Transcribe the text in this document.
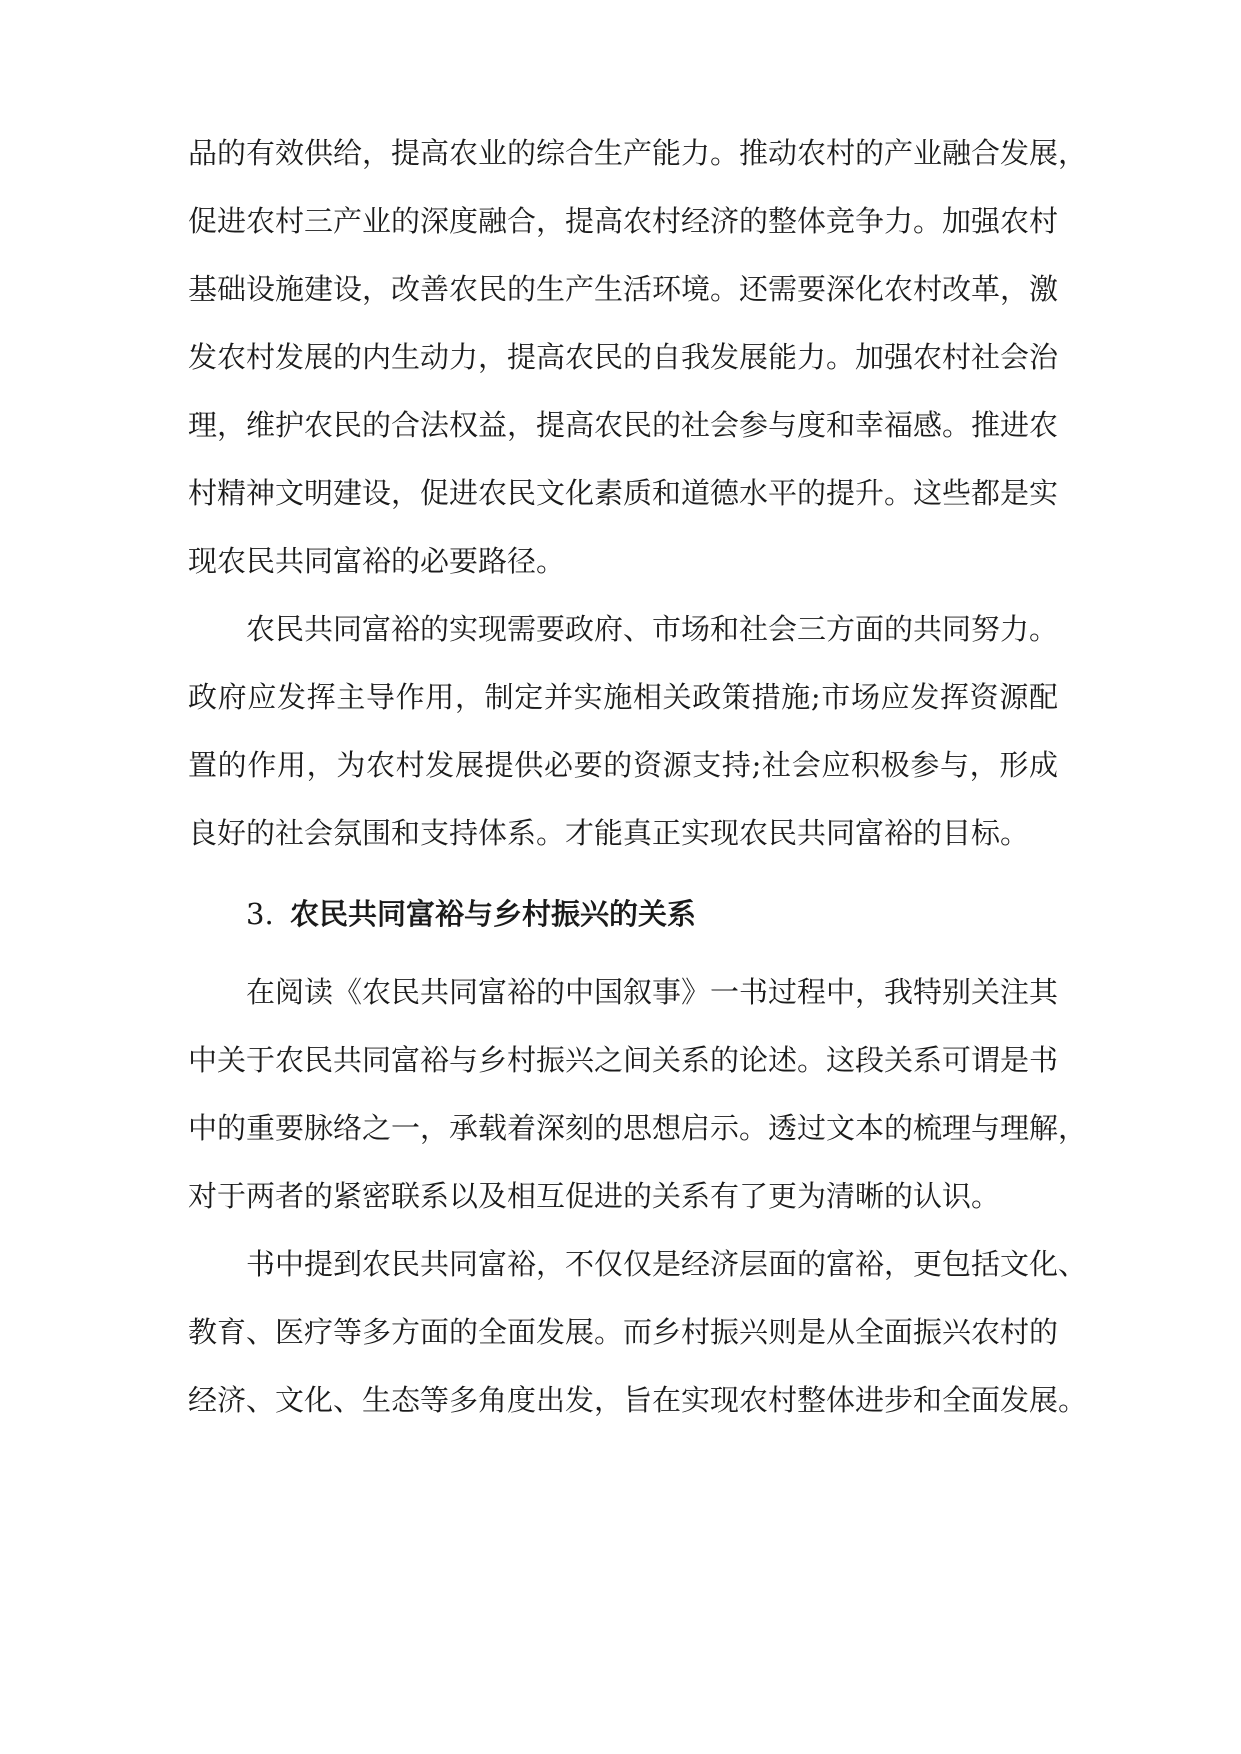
品的有效供给，提高农业的综合生产能力。推动农村的产业融合发展，
促进农村三产业的深度融合，提高农村经济的整体竞争力。加强农村
基础设施建设，改善农民的生产生活环境。还需要深化农村改革，激
发农村发展的内生动力，提高农民的自我发展能力。加强农村社会治
理，维护农民的合法权益，提高农民的社会参与度和幸福感。推进农
村精神文明建设，促进农民文化素质和道德水平的提升。这些都是实
现农民共同富裕的必要路径。
农民共同富裕的实现需要政府、市场和社会三方面的共同努力。
政府应发挥主导作用，制定并实施相关政策措施;市场应发挥资源配
置的作用，为农村发展提供必要的资源支持;社会应积极参与，形成
良好的社会氛围和支持体系。才能真正实现农民共同富裕的目标。
3. 农民共同富裕与乡村振兴的关系
在阅读《农民共同富裕的中国叙事》一书过程中，我特别关注其
中关于农民共同富裕与乡村振兴之间关系的论述。这段关系可谓是书
中的重要脉络之一，承载着深刻的思想启示。透过文本的梳理与理解，
对于两者的紧密联系以及相互促进的关系有了更为清晰的认识。
书中提到农民共同富裕，不仅仅是经济层面的富裕，更包括文化、
教育、医疗等多方面的全面发展。而乡村振兴则是从全面振兴农村的
经济、文化、生态等多角度出发，旨在实现农村整体进步和全面发展。
